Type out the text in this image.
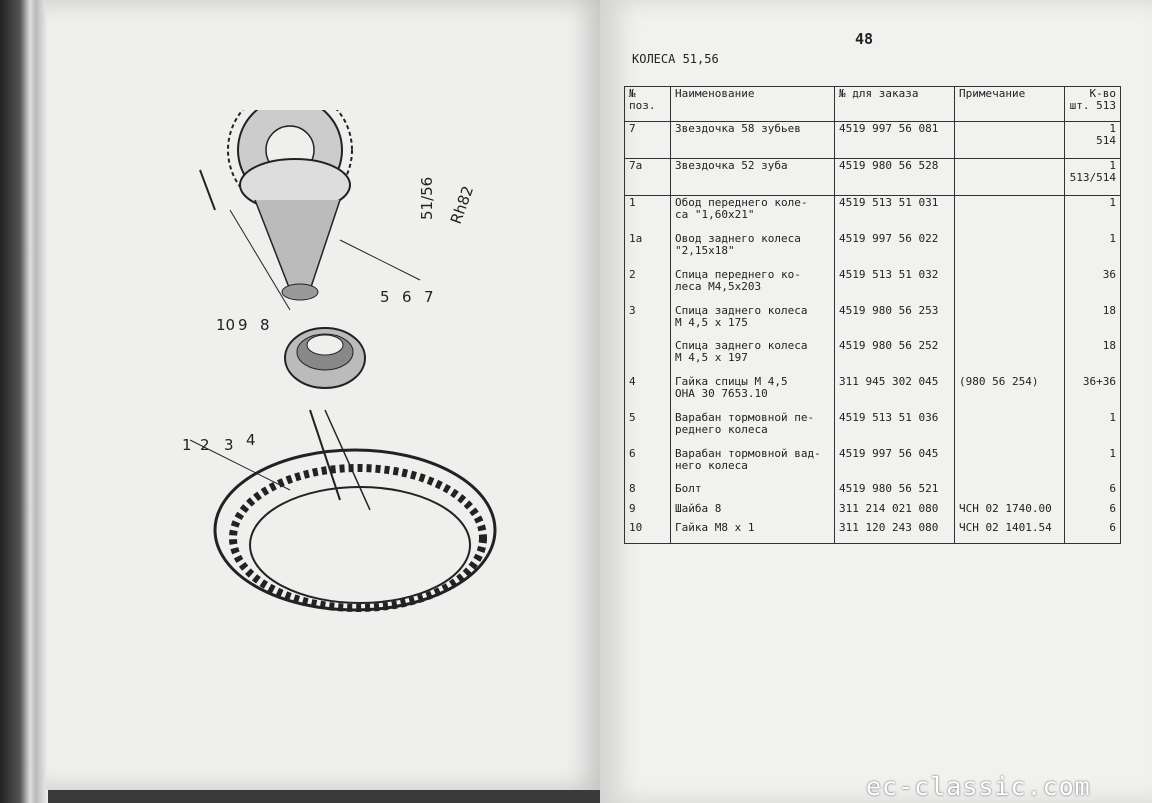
1 2 3 4
5 6 7
8
9
10
51/56 Rh82
48
КОЛЕСА 51,56
№ поз.	Наименование	№ для заказа	Примечание	К-во шт. 513
7	Звездочка 58 зубьев	4519 997 56 081		1
514
7а	Звездочка 52 зуба	4519 980 56 528		1
513/514
1	Обод переднего коле-
са "1,60x21"	4519 513 51 031		1
1а	Овод заднего колеса
"2,15x18"	4519 997 56 022		1
2	Спица переднего ко-
леса М4,5x203	4519 513 51 032		36
3	Спица заднего колеса
М 4,5 х 175	4519 980 56 253		18
	Спица заднего колеса
М 4,5 х 197	4519 980 56 252		18
4	Гайка спицы М 4,5
ОНА 30 7653.10	311 945 302 045	(980 56 254)	36+36
5	Варабан тормовной пе-
реднего колеса	4519 513 51 036		1
6	Варабан тормовной вад-
него колеса	4519 997 56 045		1
8	Болт	4519 980 56 521		6
9	Шайба 8	311 214 021 080	ЧСН 02 1740.00	6
10	Гайка М8 х 1	311 120 243 080	ЧСН 02 1401.54	6

ec-classic.com
